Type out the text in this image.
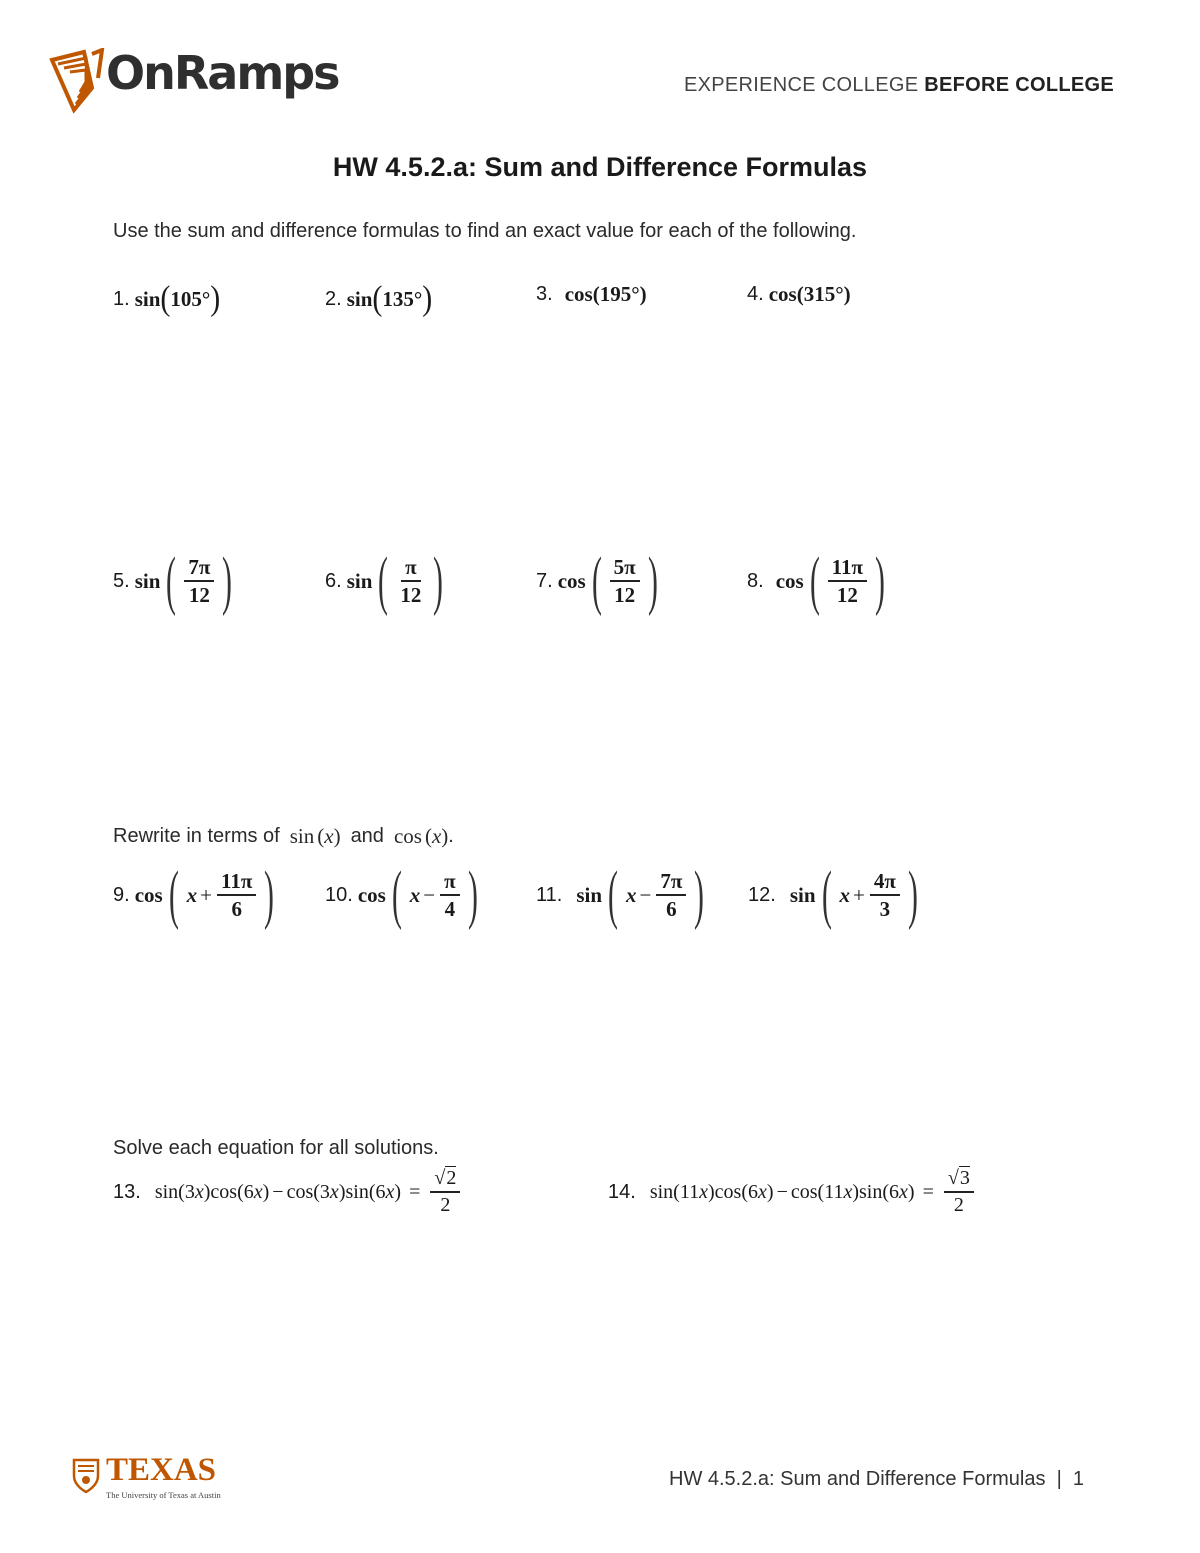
OnRamps	EXPERIENCE COLLEGE BEFORE COLLEGE
HW 4.5.2.a: Sum and Difference Formulas
Use the sum and difference formulas to find an exact value for each of the following.
1. sin ( 105° )	2. sin ( 135° )	3. cos ( 195° )	4. cos ( 315° )
5. sin ( $\frac{7\pi}{12}$ )	6. sin ( $\frac{\pi}{12}$ )	7. cos ( $\frac{5\pi}{12}$ )	8. cos ( $\frac{11\pi}{12}$ )
Rewrite in terms of sin (x) and cos (x) .
9. cos ( $x + \frac{11\pi}{6}$ )	10. cos ( $x - \frac{\pi}{4}$ )	11. sin ( $x - \frac{7\pi}{6}$ ) 12. sin ( $x + \frac{4\pi}{3}$ )
Solve each equation for all solutions.
13. sin ( 3 x ) cos ( 6 x ) − cos ( 3 x ) sin ( 6 x ) = $\frac{√2}{2}$	14. sin ( 11 x ) cos ( 6 x ) − cos ( 11 x ) sin ( 6 x ) = $\frac{√3}{2}$
TEXAS
The University of Texas at Austin
HW 4.5.2.a: Sum and Difference Formulas  |  1
